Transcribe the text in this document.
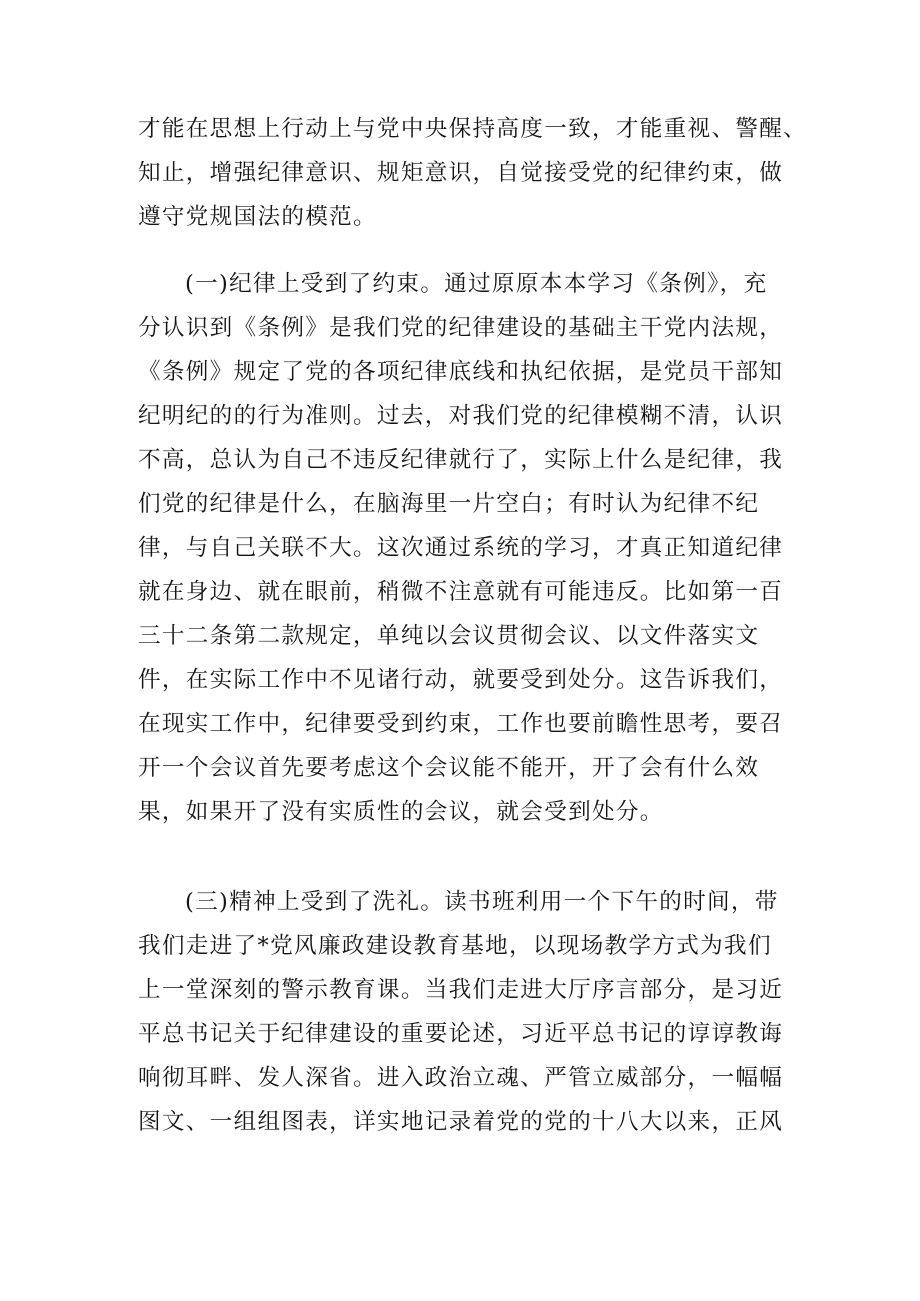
才能在思想上行动上与党中央保持高度一致，才能重视、警醒、
知止，增强纪律意识、规矩意识，自觉接受党的纪律约束，做
遵守党规国法的模范。
(一)纪律上受到了约束。通过原原本本学习《条例》，充
分认识到《条例》是我们党的纪律建设的基础主干党内法规，
《条例》规定了党的各项纪律底线和执纪依据，是党员干部知
纪明纪的的行为准则。过去，对我们党的纪律模糊不清，认识
不高，总认为自己不违反纪律就行了，实际上什么是纪律，我
们党的纪律是什么，在脑海里一片空白；有时认为纪律不纪
律，与自己关联不大。这次通过系统的学习，才真正知道纪律
就在身边、就在眼前，稍微不注意就有可能违反。比如第一百
三十二条第二款规定，单纯以会议贯彻会议、以文件落实文
件，在实际工作中不见诸行动，就要受到处分。这告诉我们，
在现实工作中，纪律要受到约束，工作也要前瞻性思考，要召
开一个会议首先要考虑这个会议能不能开，开了会有什么效
果，如果开了没有实质性的会议，就会受到处分。
(三)精神上受到了洗礼。读书班利用一个下午的时间，带
我们走进了*党风廉政建设教育基地，以现场教学方式为我们
上一堂深刻的警示教育课。当我们走进大厅序言部分，是习近
平总书记关于纪律建设的重要论述，习近平总书记的谆谆教诲
响彻耳畔、发人深省。进入政治立魂、严管立威部分，一幅幅
图文、一组组图表，详实地记录着党的党的十八大以来，正风
